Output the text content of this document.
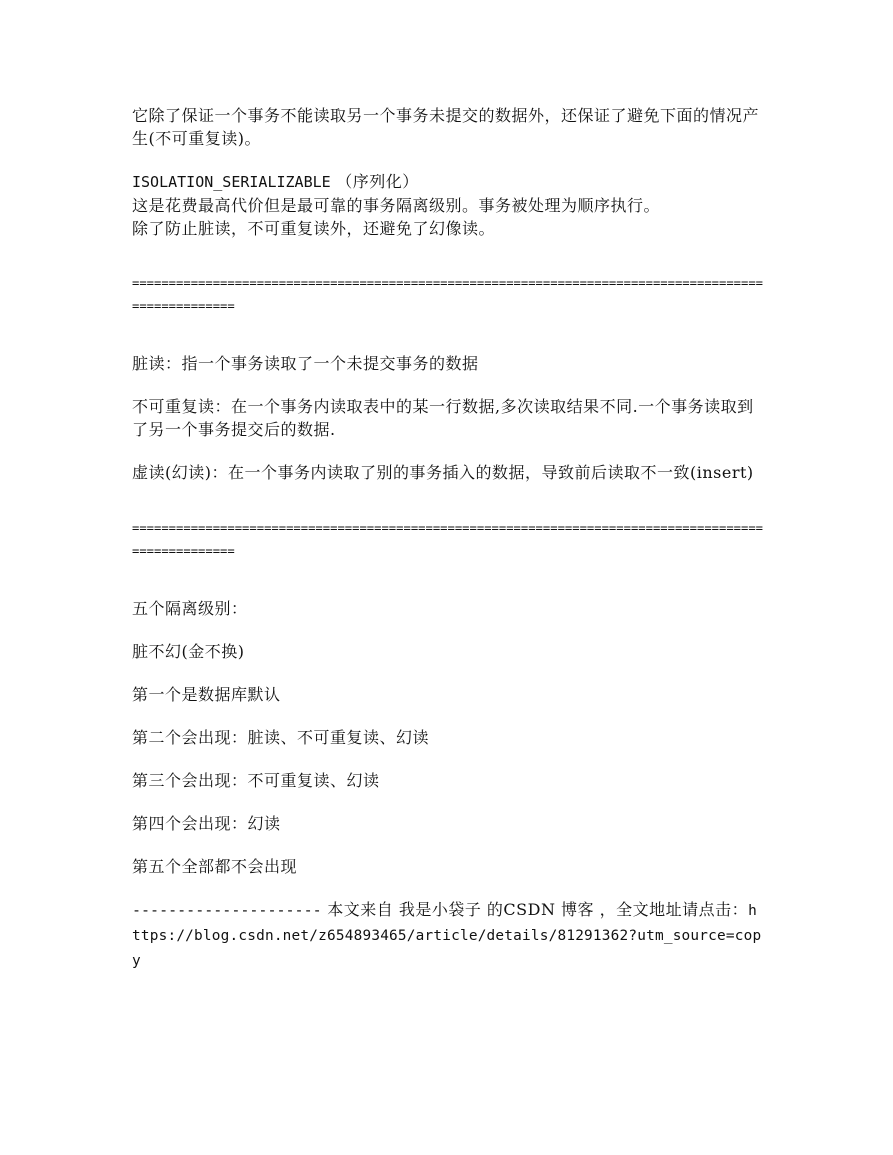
它除了保证一个事务不能读取另一个事务未提交的数据外，还保证了避免下面的情况产生(不可重复读)。

ISOLATION_SERIALIZABLE （序列化）

这是花费最高代价但是最可靠的事务隔离级别。事务被处理为顺序执行。

除了防止脏读，不可重复读外，还避免了幻像读。

====================================================================================================

脏读：指一个事务读取了一个未提交事务的数据

不可重复读：在一个事务内读取表中的某一行数据,多次读取结果不同.一个事务读取到了另一个事务提交后的数据.

虚读(幻读)：在一个事务内读取了别的事务插入的数据，导致前后读取不一致(insert)

====================================================================================================

五个隔离级别：

脏不幻(金不换)

第一个是数据库默认

第二个会出现：脏读、不可重复读、幻读

第三个会出现：不可重复读、幻读

第四个会出现：幻读

第五个全部都不会出现

--------------------- 本文来自 我是小袋子 的CSDN 博客 ，全文地址请点击：https://blog.csdn.net/z654893465/article/details/81291362?utm_source=copy
